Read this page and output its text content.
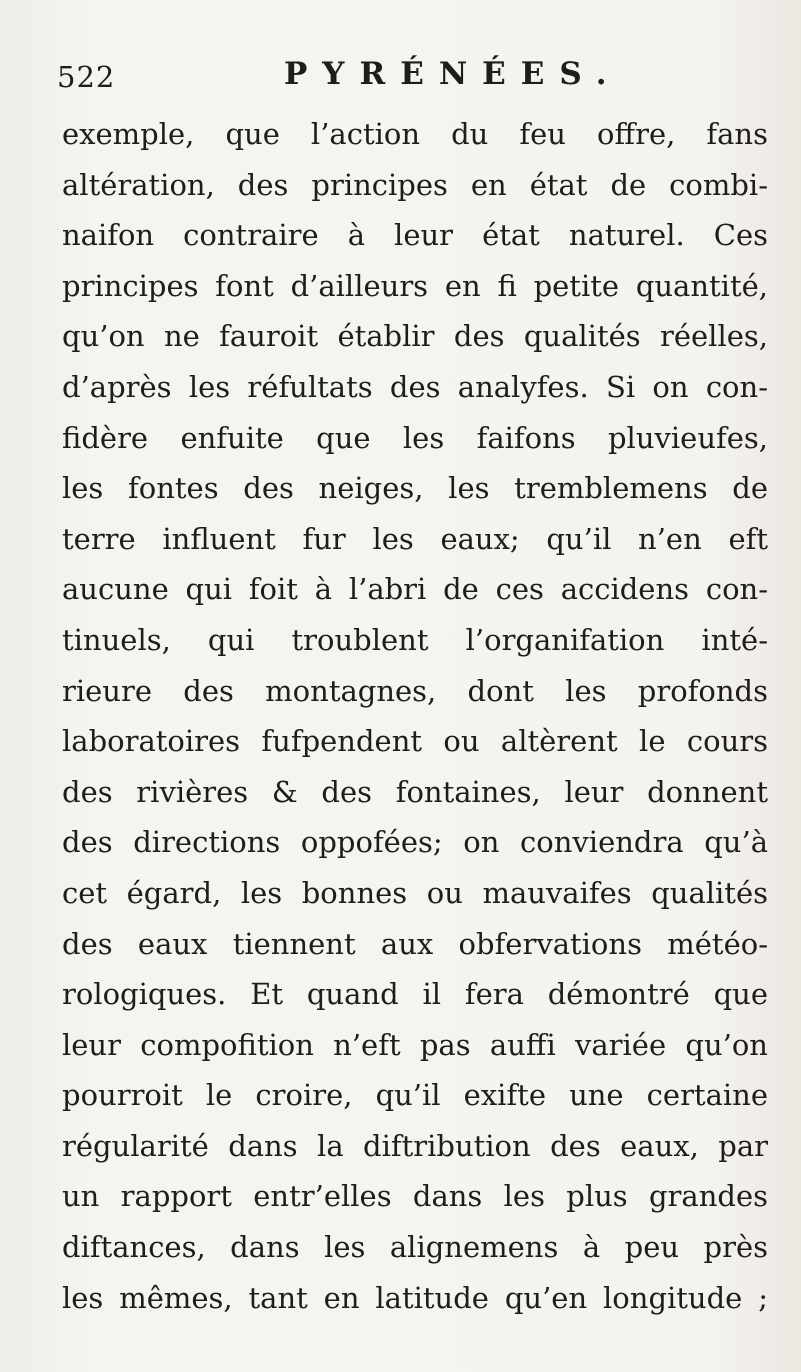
522	PYRÉNÉES.
exemple, que l’action du feu offre, fans
altération, des principes en état de combi-
naifon contraire à leur état naturel. Ces
principes font d’ailleurs en fi petite quantité,
qu’on ne fauroit établir des qualités réelles,
d’après les réfultats des analyfes. Si on con-
fidère enfuite que les faifons pluvieufes,
les fontes des neiges, les tremblemens de
terre influent fur les eaux; qu’il n’en eft
aucune qui foit à l’abri de ces accidens con-
tinuels, qui troublent l’organifation inté-
rieure des montagnes, dont les profonds
laboratoires fufpendent ou altèrent le cours
des rivières & des fontaines, leur donnent
des directions oppofées; on conviendra qu’à
cet égard, les bonnes ou mauvaifes qualités
des eaux tiennent aux obfervations météo-
rologiques. Et quand il fera démontré que
leur compofition n’eft pas auffi variée qu’on
pourroit le croire, qu’il exifte une certaine
régularité dans la diftribution des eaux, par
un rapport entr’elles dans les plus grandes
diftances, dans les alignemens à peu près
les mêmes, tant en latitude qu’en longitude ;
